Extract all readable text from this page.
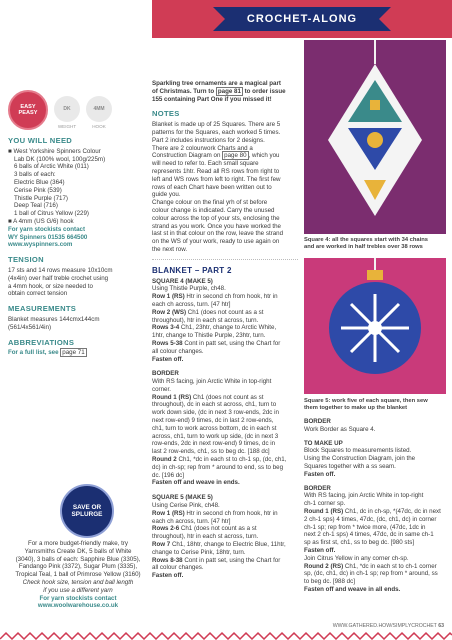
CROCHET-ALONG
EASY
PEASY
DK
WEIGHT
4MM
HOOK
YOU WILL NEED

■ West Yorkshire Spinners Colour

Lab DK (100% wool, 100g/225m)

6 balls of Arctic White (011)

3 balls of each:

Electric Blue (364)

Cerise Pink (539)

Thistle Purple (717)

Deep Teal (716)

1 ball of Citrus Yellow (229)

■ A 4mm (US G/6) hook

For yarn stockists contact

WY Spinners 01535 664500

www.wyspinners.com

TENSION

17 sts and 14 rows measure 10x10cm

(4x4in) over half treble crochet using

a 4mm hook, or size needed to

obtain correct tension

MEASUREMENTS

Blanket measures 144cmx144cm

(561/4x561/4in)

ABBREVIATIONS

For a full list, see page 71

SAVE OR
SPLURGE

For a more budget-friendly make, try

Yarnsmiths Create DK, 5 balls of White

(3040), 3 balls of each: Sapphire Blue (3305),

Fandango Pink (3372), Sugar Plum (3335),

Tropical Teal, 1 ball of Primrose Yellow (3160)

Check hook size, tension and ball length

if you use a different yarn

For yarn stockists contact

www.woolwarehouse.co.uk

Sparkling tree ornaments are a magical part

of Christmas. Turn to page 81 to order issue

155 containing Part One if you missed it!

NOTES

Blanket is made up of 25 Squares. There are 5

patterns for the Squares, each worked 5 times.

Part 2 includes instructions for 2 designs.

There are 2 colourwork Charts and a

Construction Diagram on page 80 , which you

will need to refer to. Each small square

represents 1htr. Read all RS rows from right to

left and WS rows from left to right. The first few

rows of each Chart have been written out to

guide you.

Change colour on the final yrh of st before

colour change is indicated. Carry the unused

colour across the top of your sts, enclosing the

strand as you work. Once you have worked the

last st in that colour on the row, leave the strand

on the WS of your work, ready to use again on

the next row.

BLANKET – PART 2

SQUARE 4 (MAKE 5)

Using Thistle Purple, ch48.

Row 1 (RS) Htr in second ch from hook, htr in

each ch across, turn. [47 htr]

Row 2 (WS) Ch1 (does not count as a st

throughout), htr in each st across, turn.

Rows 3-4 Ch1, 23htr, change to Arctic White,

1htr, change to Thistle Purple, 23htr, turn.

Rows 5-38 Cont in patt set, using the Chart for

all colour changes.

Fasten off.

BORDER

With RS facing, join Arctic White in top-right

corner.

Round 1 (RS) Ch1 (does not count as st

throughout), dc in each st across, ch1, turn to

work down side, (dc in next 3 row-ends, 2dc in

next row-end) 9 times, dc in last 2 row-ends,

ch1, turn to work across bottom, dc in each st

across, ch1, turn to work up side, (dc in next 3

row-ends, 2dc in next row-end) 9 times, dc in

last 2 row-ends, ch1, ss to beg dc. [188 dc]

Round 2 Ch1, *dc in each st to ch-1 sp, (dc, ch1,

dc) in ch-sp; rep from * around to end, ss to beg

dc. [196 dc]

Fasten off and weave in ends.

SQUARE 5 (MAKE 5)

Using Cerise Pink, ch48.

Row 1 (RS) Htr in second ch from hook, htr in

each ch across, turn. [47 htr]

Rows 2-6 Ch1 (does not count as a st

throughout), htr in each st across, turn.

Row 7 Ch1, 18htr, change to Electric Blue, 11htr,

change to Cerise Pink, 18htr, turn.

Rows 8-38 Cont in patt set, using the Chart for

all colour changes.

Fasten off.

Square 4: all the squares start with 34 chains

and are worked in half trebles over 38 rows

Square 5: work five of each square, then sew

them together to make up the blanket

BORDER

Work Border as Square 4.

TO MAKE UP

Block Squares to measurements listed.

Using the Construction Diagram, join the

Squares together with a ss seam.

Fasten off.

BORDER

With RS facing, join Arctic White in top-right

ch-1 corner sp.

Round 1 (RS) Ch1, dc in ch-sp, *(47dc, dc in next

2 ch-1 sps) 4 times, 47dc, (dc, ch1, dc) in corner

ch-1 sp; rep from * twice more, (47dc, 1dc in

next 2 ch-1 sps) 4 times, 47dc, dc in same ch-1

sp as first st, ch1, ss to beg dc. [980 sts]

Fasten off.

Join Citrus Yellow in any corner ch-sp.

Round 2 (RS) Ch1, *dc in each st to ch-1 corner

sp, (dc, ch1, dc) in ch-1 sp; rep from * around, ss

to beg dc. [988 dc]

Fasten off and weave in all ends.

WWW.GATHERED.HOW/SIMPLYCROCHET 63
